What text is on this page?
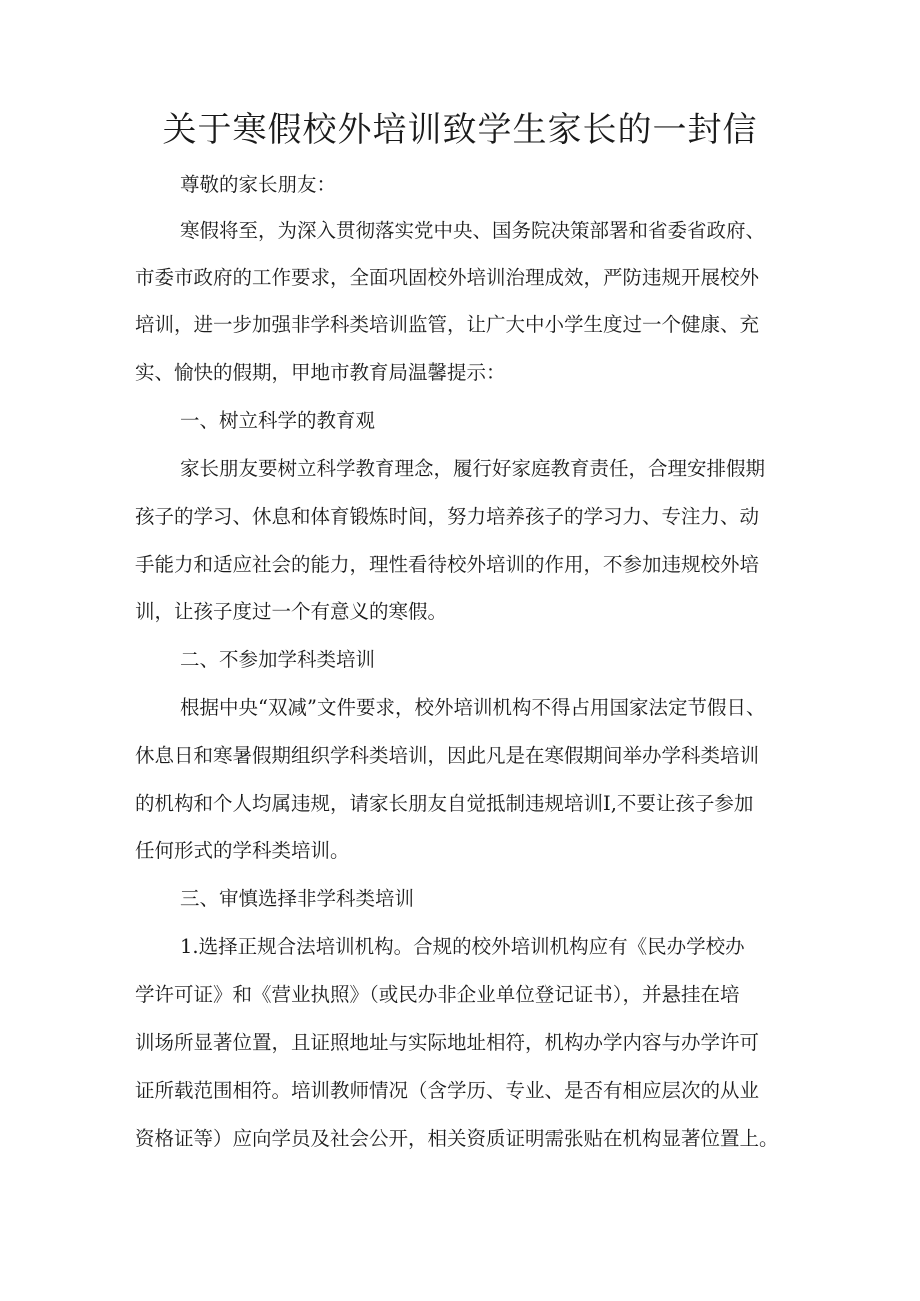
关于寒假校外培训致学生家长的一封信

尊敬的家长朋友：

寒假将至，为深入贯彻落实党中央、国务院决策部署和省委省政府、

市委市政府的工作要求，全面巩固校外培训治理成效，严防违规开展校外

培训，进一步加强非学科类培训监管，让广大中小学生度过一个健康、充

实、愉快的假期，甲地市教育局温馨提示：

一、树立科学的教育观

家长朋友要树立科学教育理念，履行好家庭教育责任，合理安排假期

孩子的学习、休息和体育锻炼时间，努力培养孩子的学习力、专注力、动

手能力和适应社会的能力，理性看待校外培训的作用，不参加违规校外培

训，让孩子度过一个有意义的寒假。

二、不参加学科类培训

根据中央“双减”文件要求，校外培训机构不得占用国家法定节假日、

休息日和寒暑假期组织学科类培训，因此凡是在寒假期间举办学科类培训

的机构和个人均属违规，请家长朋友自觉抵制违规培训I,不要让孩子参加

任何形式的学科类培训。

三、审慎选择非学科类培训

1.选择正规合法培训机构。合规的校外培训机构应有《民办学校办

学许可证》和《营业执照》（或民办非企业单位登记证书），并悬挂在培

训场所显著位置，且证照地址与实际地址相符，机构办学内容与办学许可

证所载范围相符。培训教师情况（含学历、专业、是否有相应层次的从业

资格证等）应向学员及社会公开，相关资质证明需张贴在机构显著位置上。
